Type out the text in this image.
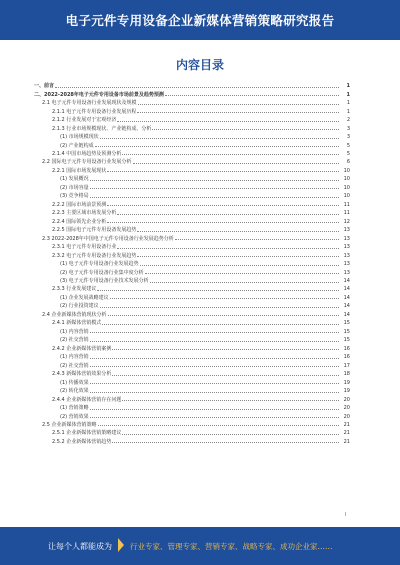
电子元件专用设备企业新媒体营销策略研究报告
内容目录
一、前言	1
二、2022-2028年电子元件专用设备市场前景及趋势预测	1
2.1 电子元件专用设备行业发展现状及规模	1
2.1.1 电子元件专用设备行业发展历程	1
2.1.2 行业发展对于宏观经济	2
2.1.3 行业市场规模现状、产业链构成、分析	3
(1) 市场规模现状	3
(2) 产业链构成	5
2.1.4 中国市场趋势及预测分析	5
2.2 国际电子元件专用设备行业发展分析	6
2.2.1 国际市场发展现状	10
(1) 发展概况	10
(2) 市场容量	10
(3) 竞争格局	10
2.2.2 国际市场前景预测	11
2.2.3 主要区域市场发展分析	11
2.2.4 国际领先企业分析	12
2.2.5 国际电子元件专用设备发展趋势	13
2.3 2022-2028年中国电子元件专用设备行业发展趋势分析	13
2.3.1 电子元件专用设备行业	13
2.3.2 电子元件专用设备行业发展趋势	13
(1) 电子元件专用设备行业发展趋势	13
(2) 电子元件专用设备行业集中度分析	13
(3) 电子元件专用设备行业技术发展分析	14
2.3.3 行业发展建议	14
(1) 企业发展战略建议	14
(2) 行业投资建议	14
2.4 企业新媒体营销现状分析	14
2.4.1 新媒体营销模式	15
(1) 内容营销	15
(2) 社交营销	15
2.4.2 企业新媒体营销案例	16
(1) 内容营销	16
(2) 社交营销	17
2.4.3 新媒体营销效果分析	18
(1) 传播效果	19
(2) 转化效果	19
2.4.4 企业新媒体营销存在问题	20
(1) 营销策略	20
(2) 营销效果	20
2.5 企业新媒体营销策略	21
2.5.1 企业新媒体营销策略建议	21
2.5.2 企业新媒体营销趋势	21
I
让每个人都能成为 行业专家、管理专家、营销专家、战略专家、成功企业家……
